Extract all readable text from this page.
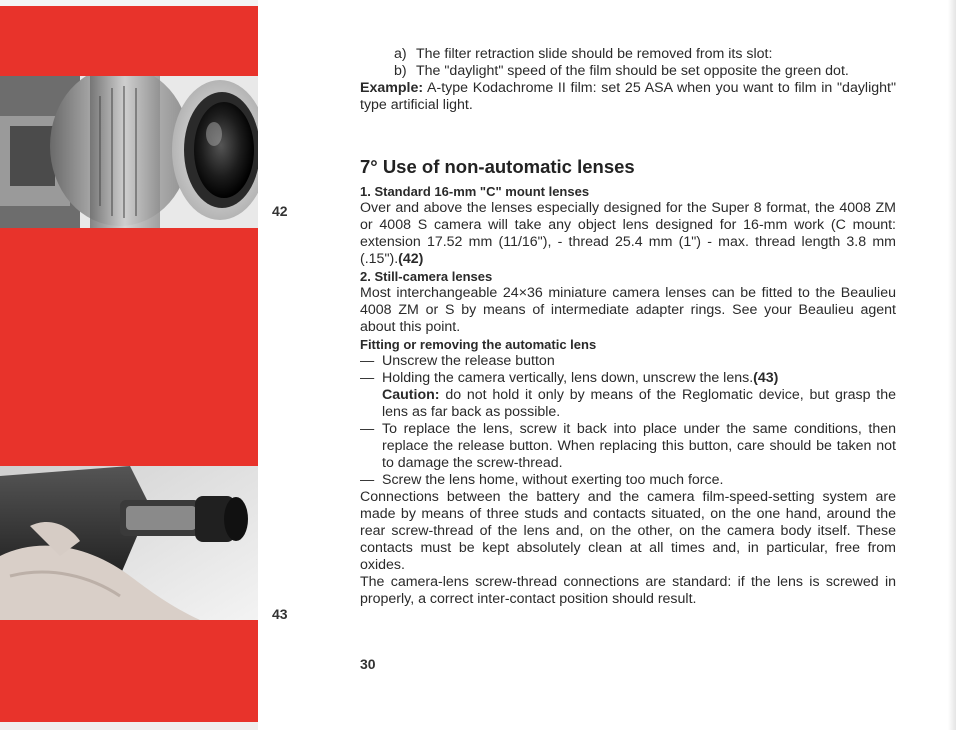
42
43
a) The filter retraction slide should be removed from its slot:
b) The "daylight" speed of the film should be set opposite the green dot.

Example: A-type Kodachrome II film: set 25 ASA when you want to film in "daylight" type artificial light.

7° Use of non-automatic lenses
1. Standard 16-mm "C" mount lenses

Over and above the lenses especially designed for the Super 8 format, the 4008 ZM or 4008 S camera will take any object lens designed for 16-mm work (C mount: extension 17.52 mm (11/16"), - thread 25.4 mm (1") - max. thread length 3.8 mm (.15").(42)

2. Still-camera lenses

Most interchangeable 24×36 miniature camera lenses can be fitted to the Beaulieu 4008 ZM or S by means of intermediate adapter rings. See your Beaulieu agent about this point.

Fitting or removing the automatic lens
— Unscrew the release button
— Holding the camera vertically, lens down, unscrew the lens.(43)
Caution: do not hold it only by means of the Reglomatic device, but grasp the lens as far back as possible.
— To replace the lens, screw it back into place under the same conditions, then replace the release button. When replacing this button, care should be taken not to damage the screw-thread.
— Screw the lens home, without exerting too much force.

Connections between the battery and the camera film-speed-setting system are made by means of three studs and contacts situated, on the one hand, around the rear screw-thread of the lens and, on the other, on the camera body itself. These contacts must be kept absolutely clean at all times and, in particular, free from oxides.

The camera-lens screw-thread connections are standard: if the lens is screwed in properly, a correct inter-contact position should result.

30
